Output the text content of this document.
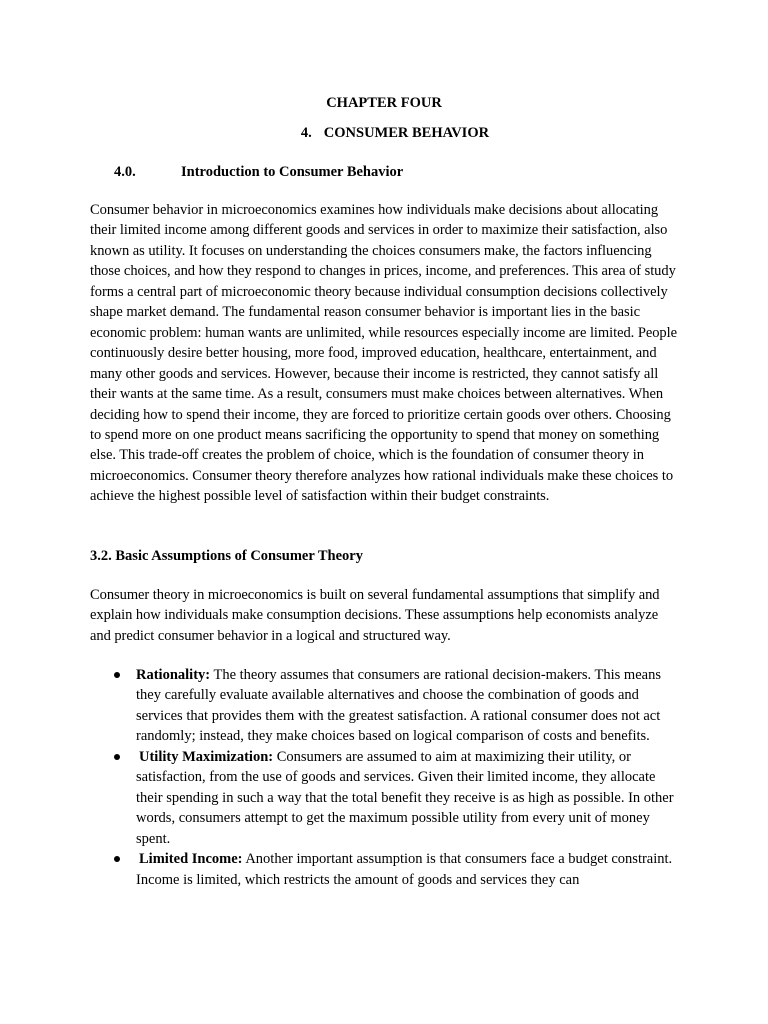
CHAPTER FOUR
4. CONSUMER BEHAVIOR
4.0.	Introduction to Consumer Behavior

Consumer behavior in microeconomics examines how individuals make decisions about allocating their limited income among different goods and services in order to maximize their satisfaction, also known as utility. It focuses on understanding the choices consumers make, the factors influencing those choices, and how they respond to changes in prices, income, and preferences. This area of study forms a central part of microeconomic theory because individual consumption decisions collectively shape market demand. The fundamental reason consumer behavior is important lies in the basic economic problem: human wants are unlimited, while resources especially income are limited. People continuously desire better housing, more food, improved education, healthcare, entertainment, and many other goods and services. However, because their income is restricted, they cannot satisfy all their wants at the same time. As a result, consumers must make choices between alternatives. When deciding how to spend their income, they are forced to prioritize certain goods over others. Choosing to spend more on one product means sacrificing the opportunity to spend that money on something else. This trade-off creates the problem of choice, which is the foundation of consumer theory in microeconomics. Consumer theory therefore analyzes how rational individuals make these choices to achieve the highest possible level of satisfaction within their budget constraints.

3.2. Basic Assumptions of Consumer Theory

Consumer theory in microeconomics is built on several fundamental assumptions that simplify and explain how individuals make consumption decisions. These assumptions help economists analyze and predict consumer behavior in a logical and structured way.

Rationality: The theory assumes that consumers are rational decision-makers. This means they carefully evaluate available alternatives and choose the combination of goods and services that provides them with the greatest satisfaction. A rational consumer does not act randomly; instead, they make choices based on logical comparison of costs and benefits.
Utility Maximization: Consumers are assumed to aim at maximizing their utility, or satisfaction, from the use of goods and services. Given their limited income, they allocate their spending in such a way that the total benefit they receive is as high as possible. In other words, consumers attempt to get the maximum possible utility from every unit of money spent.
Limited Income: Another important assumption is that consumers face a budget constraint. Income is limited, which restricts the amount of goods and services they can
